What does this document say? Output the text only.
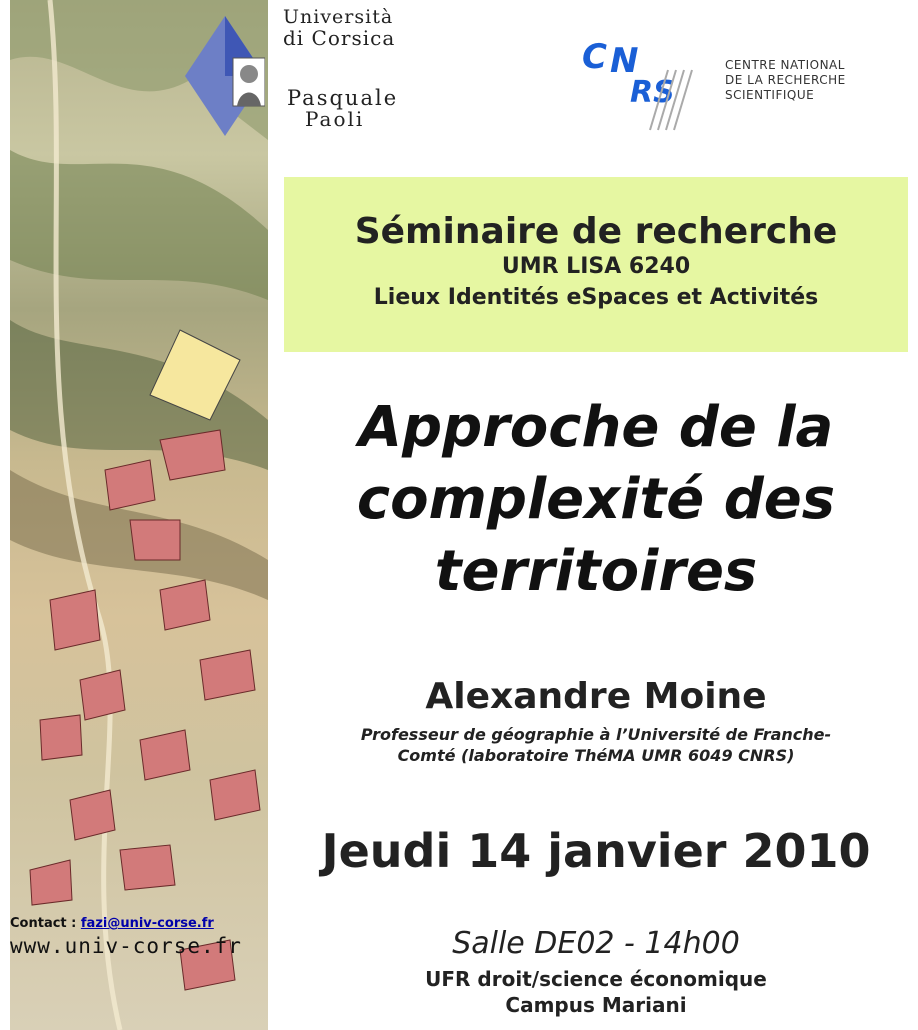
Università
di Corsica
Pasquale
Paoli
C N
RS
CENTRE NATIONAL
DE LA RECHERCHE
SCIENTIFIQUE
Séminaire de recherche
UMR LISA 6240
Lieux Identités eSpaces et Activités
Approche de la
complexité des
territoires
Alexandre Moine
Professeur de géographie à l’Université de Franche-
Comté (laboratoire ThéMA UMR 6049 CNRS)
Jeudi 14 janvier 2010
Salle DE02 - 14h00
UFR droit/science économique
Campus Mariani
Contact : fazi@univ-corse.fr
www.univ-corse.fr
